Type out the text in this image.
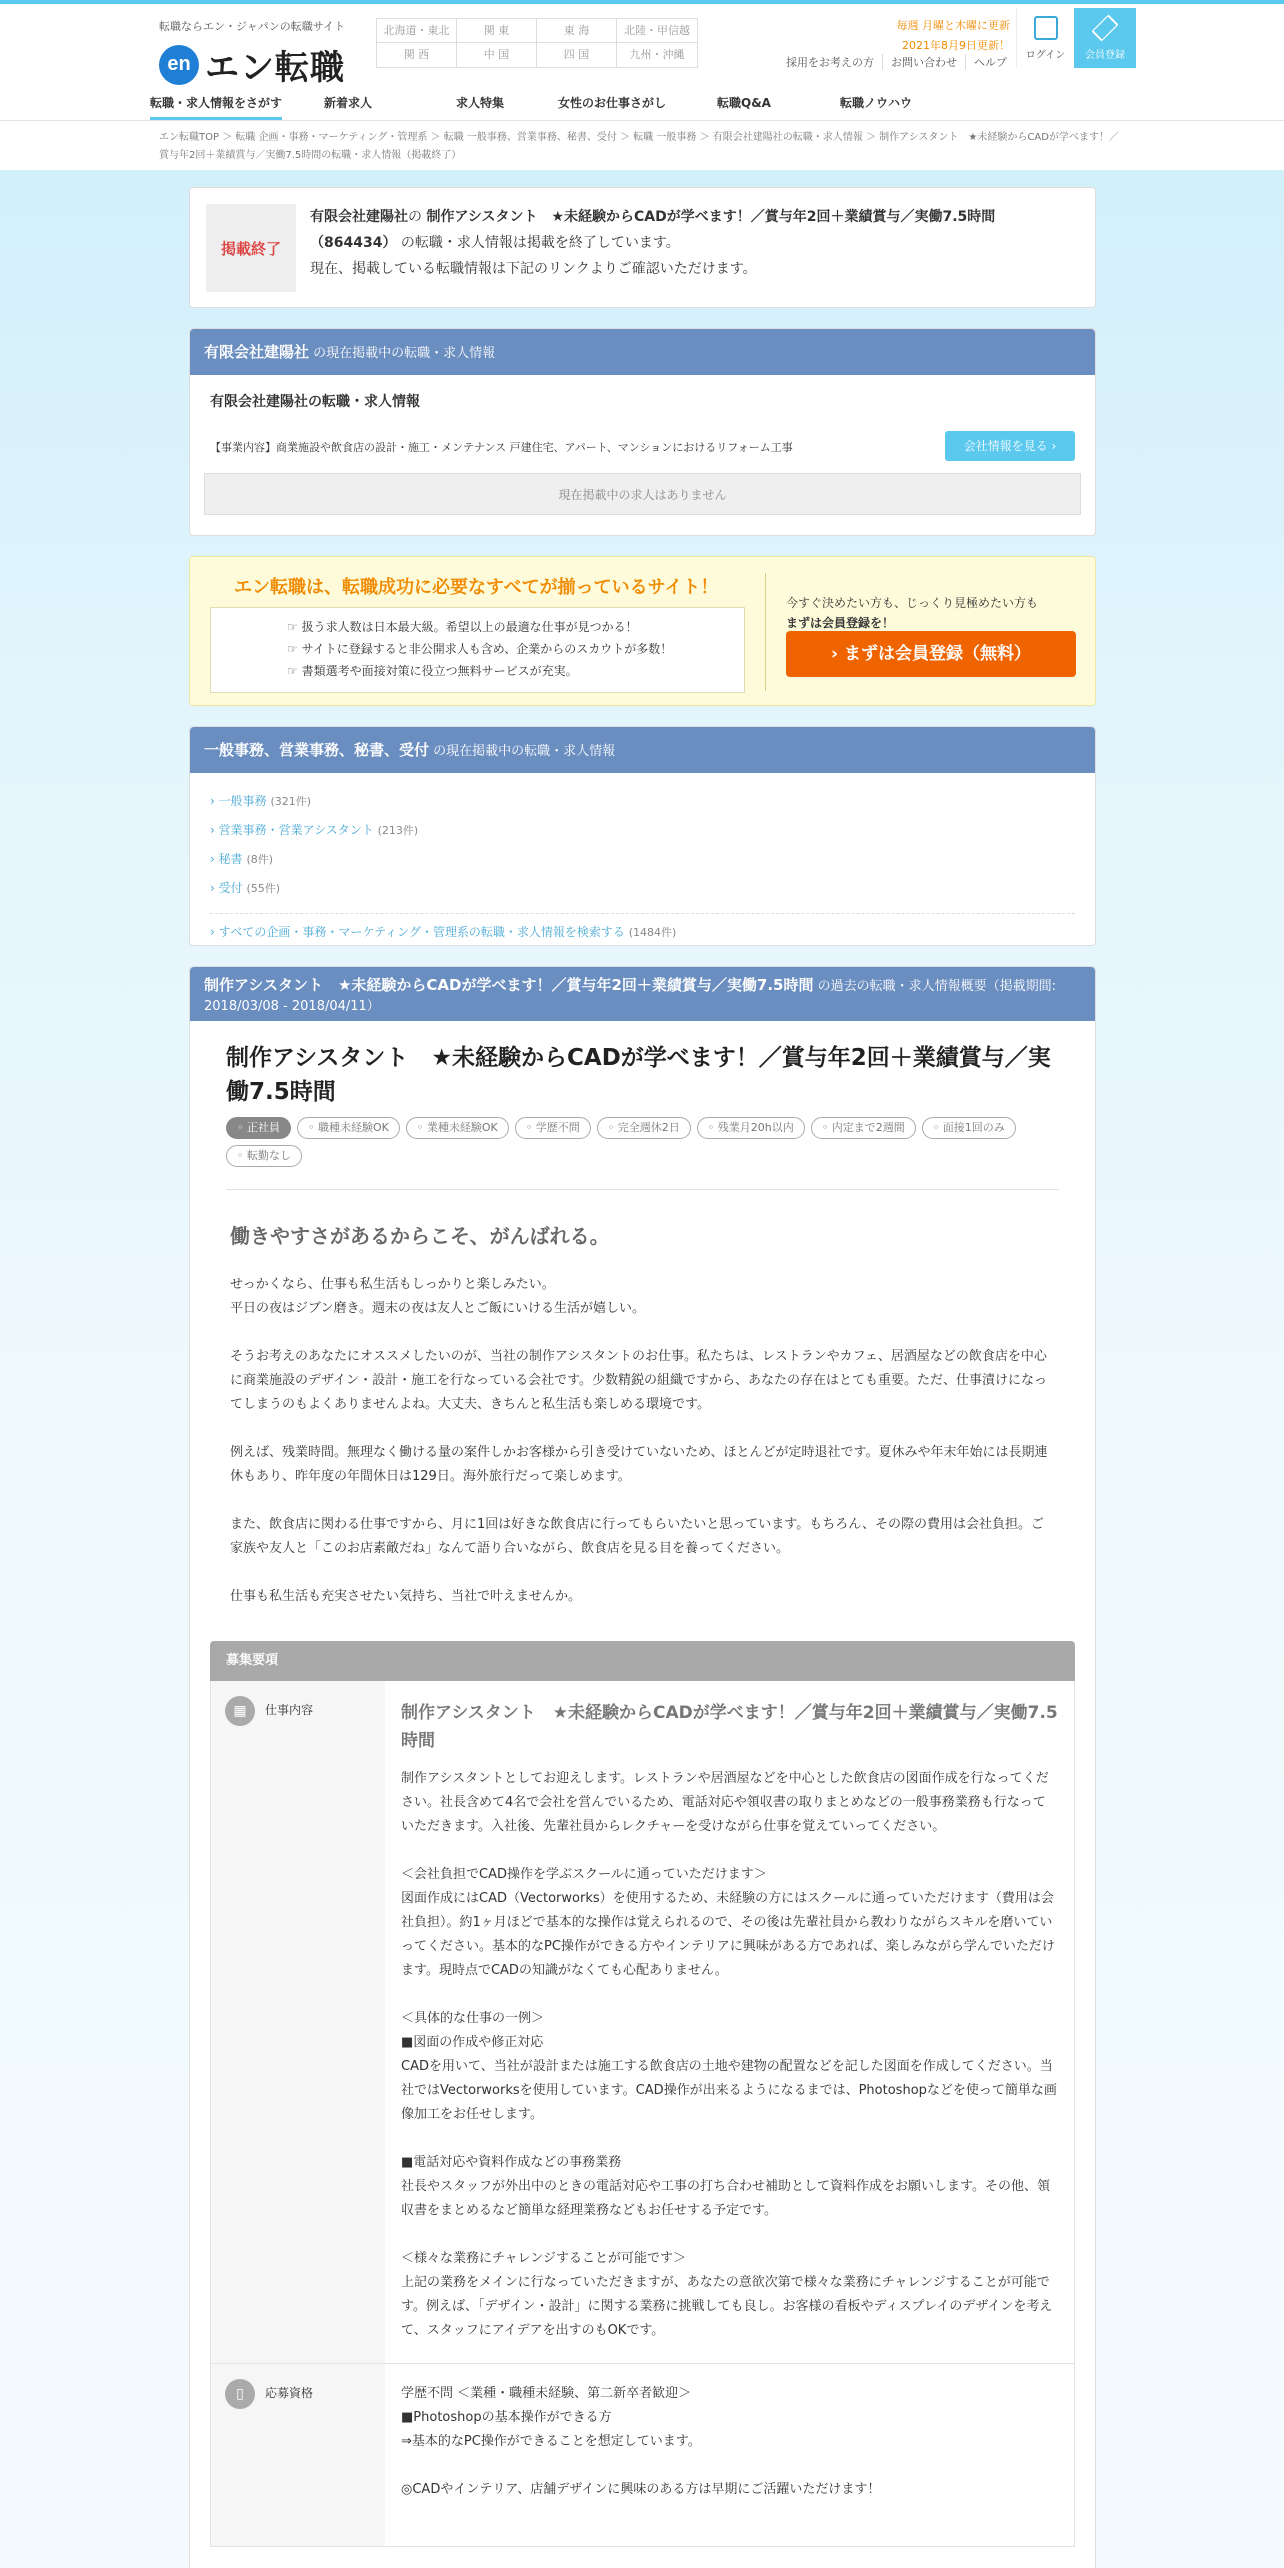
転職ならエン・ジャパンの転職サイト
en エン転職
北海道・東北	関 東	東 海	北陸・甲信越
関 西	中 国	四 国	九州・沖縄
毎週 月曜と木曜に更新
2021年8月9日更新！
採用をお考えの方	お問い合わせ	ヘルプ
ログイン	会員登録
転職・求人情報をさがす	新着求人	求人特集	女性のお仕事さがし	転職Q&A	転職ノウハウ
エン転職TOP ＞ 転職 企画・事務・マーケティング・管理系 ＞ 転職 一般事務、営業事務、秘書、受付 ＞ 転職 一般事務 ＞ 有限会社建陽社の転職・求人情報 ＞ 制作アシスタント　★未経験からCADが学べます！／賞与年2回＋業績賞与／実働7.5時間の転職・求人情報（掲載終了）
掲載終了
有限会社建陽社の 制作アシスタント　★未経験からCADが学べます！／賞与年2回＋業績賞与／実働7.5時間（864434） の転職・求人情報は掲載を終了しています。
現在、掲載している転職情報は下記のリンクよりご確認いただけます。
有限会社建陽社 の現在掲載中の転職・求人情報
有限会社建陽社の転職・求人情報
【事業内容】商業施設や飲食店の設計・施工・メンテナンス 戸建住宅、アパート、マンションにおけるリフォーム工事	会社情報を見る ›
現在掲載中の求人はありません
エン転職は、転職成功に必要なすべてが揃っているサイト！
☞ 扱う求人数は日本最大級。希望以上の最適な仕事が見つかる！
☞ サイトに登録すると非公開求人も含め、企業からのスカウトが多数！
☞ 書類選考や面接対策に役立つ無料サービスが充実。
今すぐ決めたい方も、じっくり見極めたい方も
まずは会員登録を！
› まずは会員登録（無料）
一般事務、営業事務、秘書、受付 の現在掲載中の転職・求人情報
› 一般事務 (321件)
› 営業事務・営業アシスタント (213件)
› 秘書 (8件)
› 受付 (55件)
› すべての企画・事務・マーケティング・管理系の転職・求人情報を検索する (1484件)
制作アシスタント　★未経験からCADが学べます！／賞与年2回＋業績賞与／実働7.5時間 の過去の転職・求人情報概要（掲載期間: 2018/03/08 - 2018/04/11）
制作アシスタント　★未経験からCADが学べます！／賞与年2回＋業績賞与／実働7.5時間
◦ 正社員	◦ 職種未経験OK	◦ 業種未経験OK	◦ 学歴不問	◦ 完全週休2日	◦ 残業月20h以内	◦ 内定まで2週間	◦ 面接1回のみ
◦ 転勤なし
働きやすさがあるからこそ、がんばれる。

せっかくなら、仕事も私生活もしっかりと楽しみたい。
平日の夜はジブン磨き。週末の夜は友人とご飯にいける生活が嬉しい。

そうお考えのあなたにオススメしたいのが、当社の制作アシスタントのお仕事。私たちは、レストランやカフェ、居酒屋などの飲食店を中心に商業施設のデザイン・設計・施工を行なっている会社です。少数精鋭の組織ですから、あなたの存在はとても重要。ただ、仕事漬けになってしまうのもよくありませんよね。大丈夫、きちんと私生活も楽しめる環境です。

例えば、残業時間。無理なく働ける量の案件しかお客様から引き受けていないため、ほとんどが定時退社です。夏休みや年末年始には長期連休もあり、昨年度の年間休日は129日。海外旅行だって楽しめます。

また、飲食店に関わる仕事ですから、月に1回は好きな飲食店に行ってもらいたいと思っています。もちろん、その際の費用は会社負担。ご家族や友人と「このお店素敵だね」なんて語り合いながら、飲食店を見る目を養ってください。

仕事も私生活も充実させたい気持ち、当社で叶えませんか。

募集要項
▦	仕事内容	制作アシスタント　★未経験からCADが学べます！／賞与年2回＋業績賞与／実働7.5時間

制作アシスタントとしてお迎えします。レストランや居酒屋などを中心とした飲食店の図面作成を行なってください。社長含めて4名で会社を営んでいるため、電話対応や領収書の取りまとめなどの一般事務業務も行なっていただきます。入社後、先輩社員からレクチャーを受けながら仕事を覚えていってください。

＜会社負担でCAD操作を学ぶスクールに通っていただけます＞
図面作成にはCAD（Vectorworks）を使用するため、未経験の方にはスクールに通っていただけます（費用は会社負担）。約1ヶ月ほどで基本的な操作は覚えられるので、その後は先輩社員から教わりながらスキルを磨いていってください。基本的なPC操作ができる方やインテリアに興味がある方であれば、楽しみながら学んでいただけます。現時点でCADの知識がなくても心配ありません。

＜具体的な仕事の一例＞
■図面の作成や修正対応
CADを用いて、当社が設計または施工する飲食店の土地や建物の配置などを記した図面を作成してください。当社ではVectorworksを使用しています。CAD操作が出来るようになるまでは、Photoshopなどを使って簡単な画像加工をお任せします。

■電話対応や資料作成などの事務業務
社長やスタッフが外出中のときの電話対応や工事の打ち合わせ補助として資料作成をお願いします。その他、領収書をまとめるなど簡単な経理業務などもお任せする予定です。

＜様々な業務にチャレンジすることが可能です＞
上記の業務をメインに行なっていただきますが、あなたの意欲次第で様々な業務にチャレンジすることが可能です。例えば、「デザイン・設計」に関する業務に挑戦しても良し。お客様の看板やディスプレイのデザインを考えて、スタッフにアイデアを出すのもOKです。

▯	応募資格	学歴不問 ＜業種・職種未経験、第二新卒者歓迎＞
■Photoshopの基本操作ができる方
⇒基本的なPC操作ができることを想定しています。

◎CADやインテリア、店舗デザインに興味のある方は早期にご活躍いただけます！
